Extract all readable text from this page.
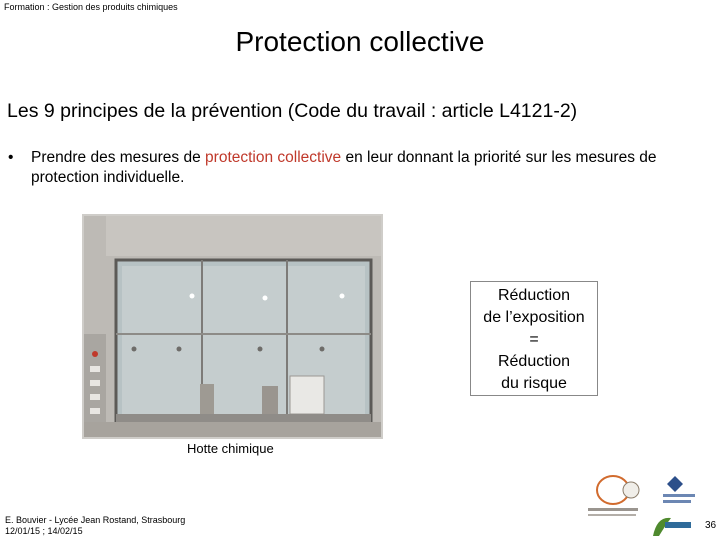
Formation : Gestion des produits chimiques
Protection collective
Les 9 principes de la prévention (Code du travail : article L4121-2)
• Prendre des mesures de protection collective en leur donnant la priorité sur les mesures de protection individuelle.
Hotte chimique
Réduction
de l’exposition
=
Réduction
du risque
E. Bouvier - Lycée Jean Rostand, Strasbourg
12/01/15 ; 14/02/15	36
